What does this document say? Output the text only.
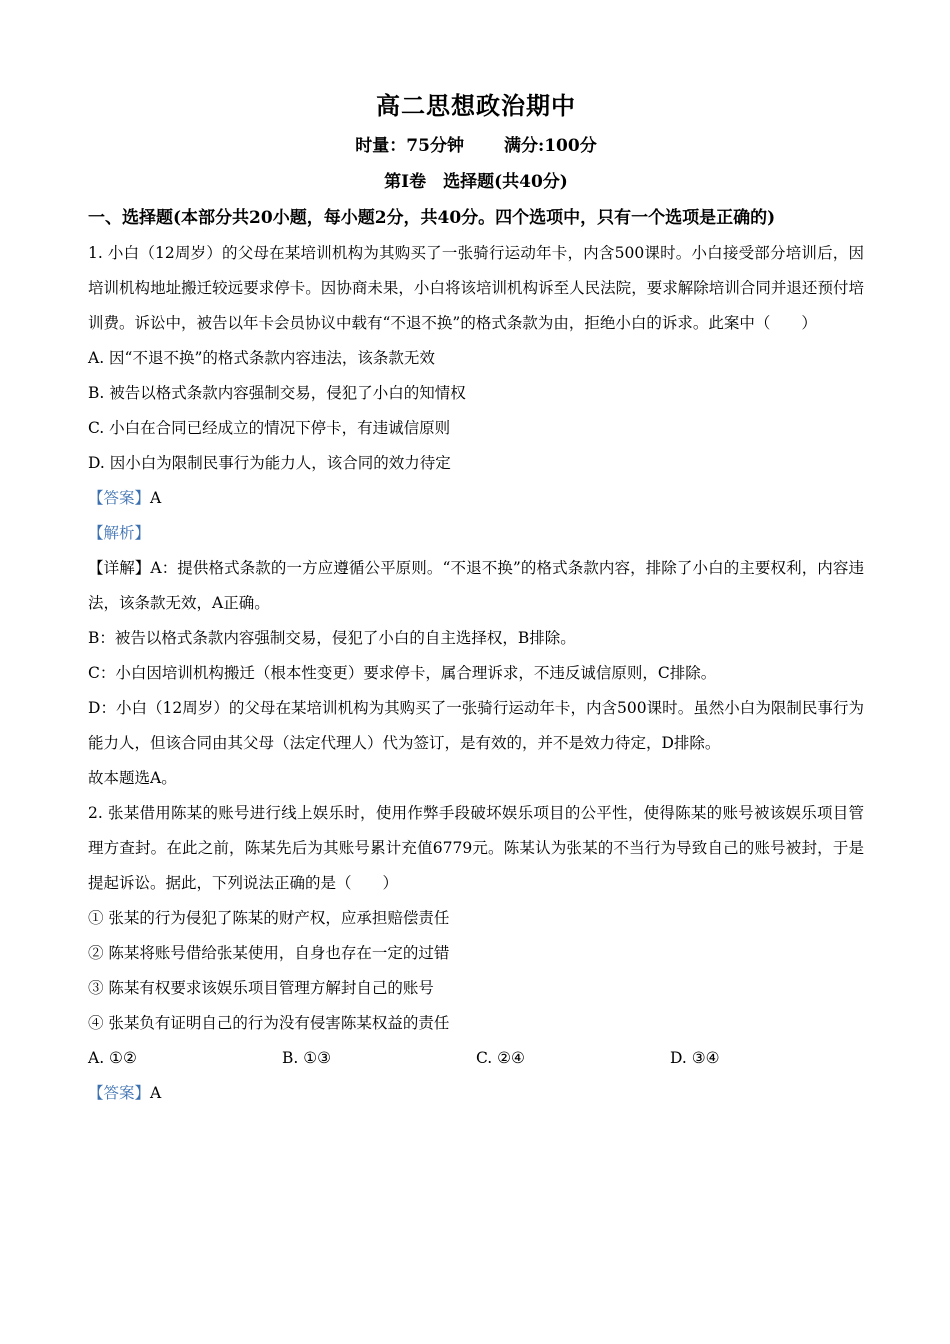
高二思想政治期中

时量：75分钟 满分:100分

第Ⅰ卷　选择题(共40分)

一、选择题(本部分共20小题，每小题2分，共40分。四个选项中，只有一个选项是正确的)

1. 小白（12周岁）的父母在某培训机构为其购买了一张骑行运动年卡，内含500课时。小白接受部分培训后，因培训机构地址搬迁较远要求停卡。因协商未果，小白将该培训机构诉至人民法院，要求解除培训合同并退还预付培训费。诉讼中，被告以年卡会员协议中载有“不退不换”的格式条款为由，拒绝小白的诉求。此案中（　　）

A. 因“不退不换”的格式条款内容违法，该条款无效

B. 被告以格式条款内容强制交易，侵犯了小白的知情权

C. 小白在合同已经成立的情况下停卡，有违诚信原则

D. 因小白为限制民事行为能力人，该合同的效力待定

【答案】A

【解析】

【详解】A：提供格式条款的一方应遵循公平原则。“不退不换”的格式条款内容，排除了小白的主要权利，内容违法，该条款无效，A正确。

B：被告以格式条款内容强制交易，侵犯了小白的自主选择权，B排除。

C：小白因培训机构搬迁（根本性变更）要求停卡，属合理诉求，不违反诚信原则，C排除。

D：小白（12周岁）的父母在某培训机构为其购买了一张骑行运动年卡，内含500课时。虽然小白为限制民事行为能力人，但该合同由其父母（法定代理人）代为签订，是有效的，并不是效力待定，D排除。

故本题选A。

2. 张某借用陈某的账号进行线上娱乐时，使用作弊手段破坏娱乐项目的公平性，使得陈某的账号被该娱乐项目管理方查封。在此之前，陈某先后为其账号累计充值6779元。陈某认为张某的不当行为导致自己的账号被封，于是提起诉讼。据此，下列说法正确的是（　　）

① 张某的行为侵犯了陈某的财产权，应承担赔偿责任

② 陈某将账号借给张某使用，自身也存在一定的过错

③ 陈某有权要求该娱乐项目管理方解封自己的账号

④ 张某负有证明自己的行为没有侵害陈某权益的责任

A. ①②	B. ①③	C. ②④	D. ③④

【答案】A
